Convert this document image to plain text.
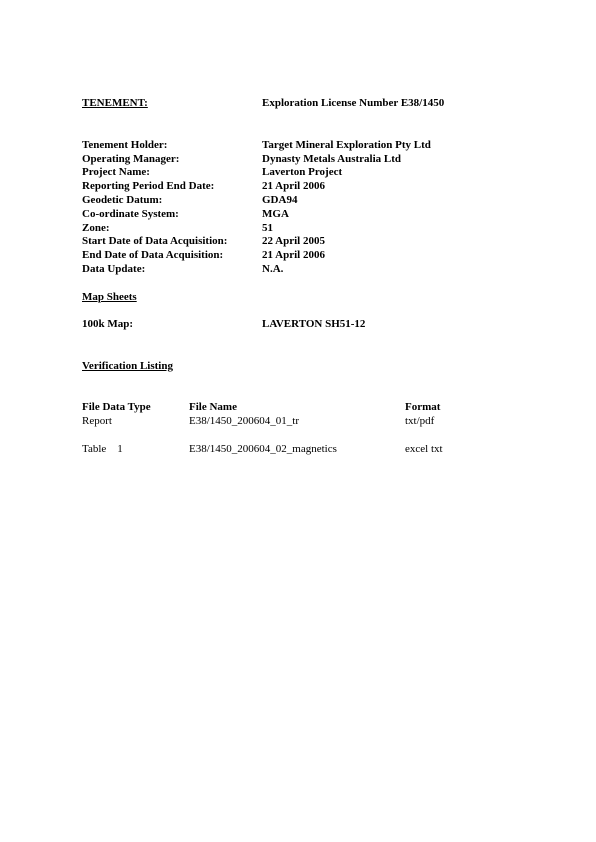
TENEMENT:	Exploration License Number E38/1450
Tenement Holder:	Target Mineral Exploration Pty Ltd
Operating Manager:	Dynasty Metals Australia Ltd
Project Name:	Laverton Project
Reporting Period End Date:	21 April 2006
Geodetic Datum:	GDA94
Co-ordinate System:	MGA
Zone:	51
Start Date of Data Acquisition:	22 April 2005
End Date of Data Acquisition:	21 April 2006
Data Update:	N.A.
Map Sheets
100k Map:	LAVERTON SH51-12
Verification Listing
File Data Type	File Name	Format
Report	E38/1450_200604_01_tr	txt/pdf
Table    1	E38/1450_200604_02_magnetics	excel txt
